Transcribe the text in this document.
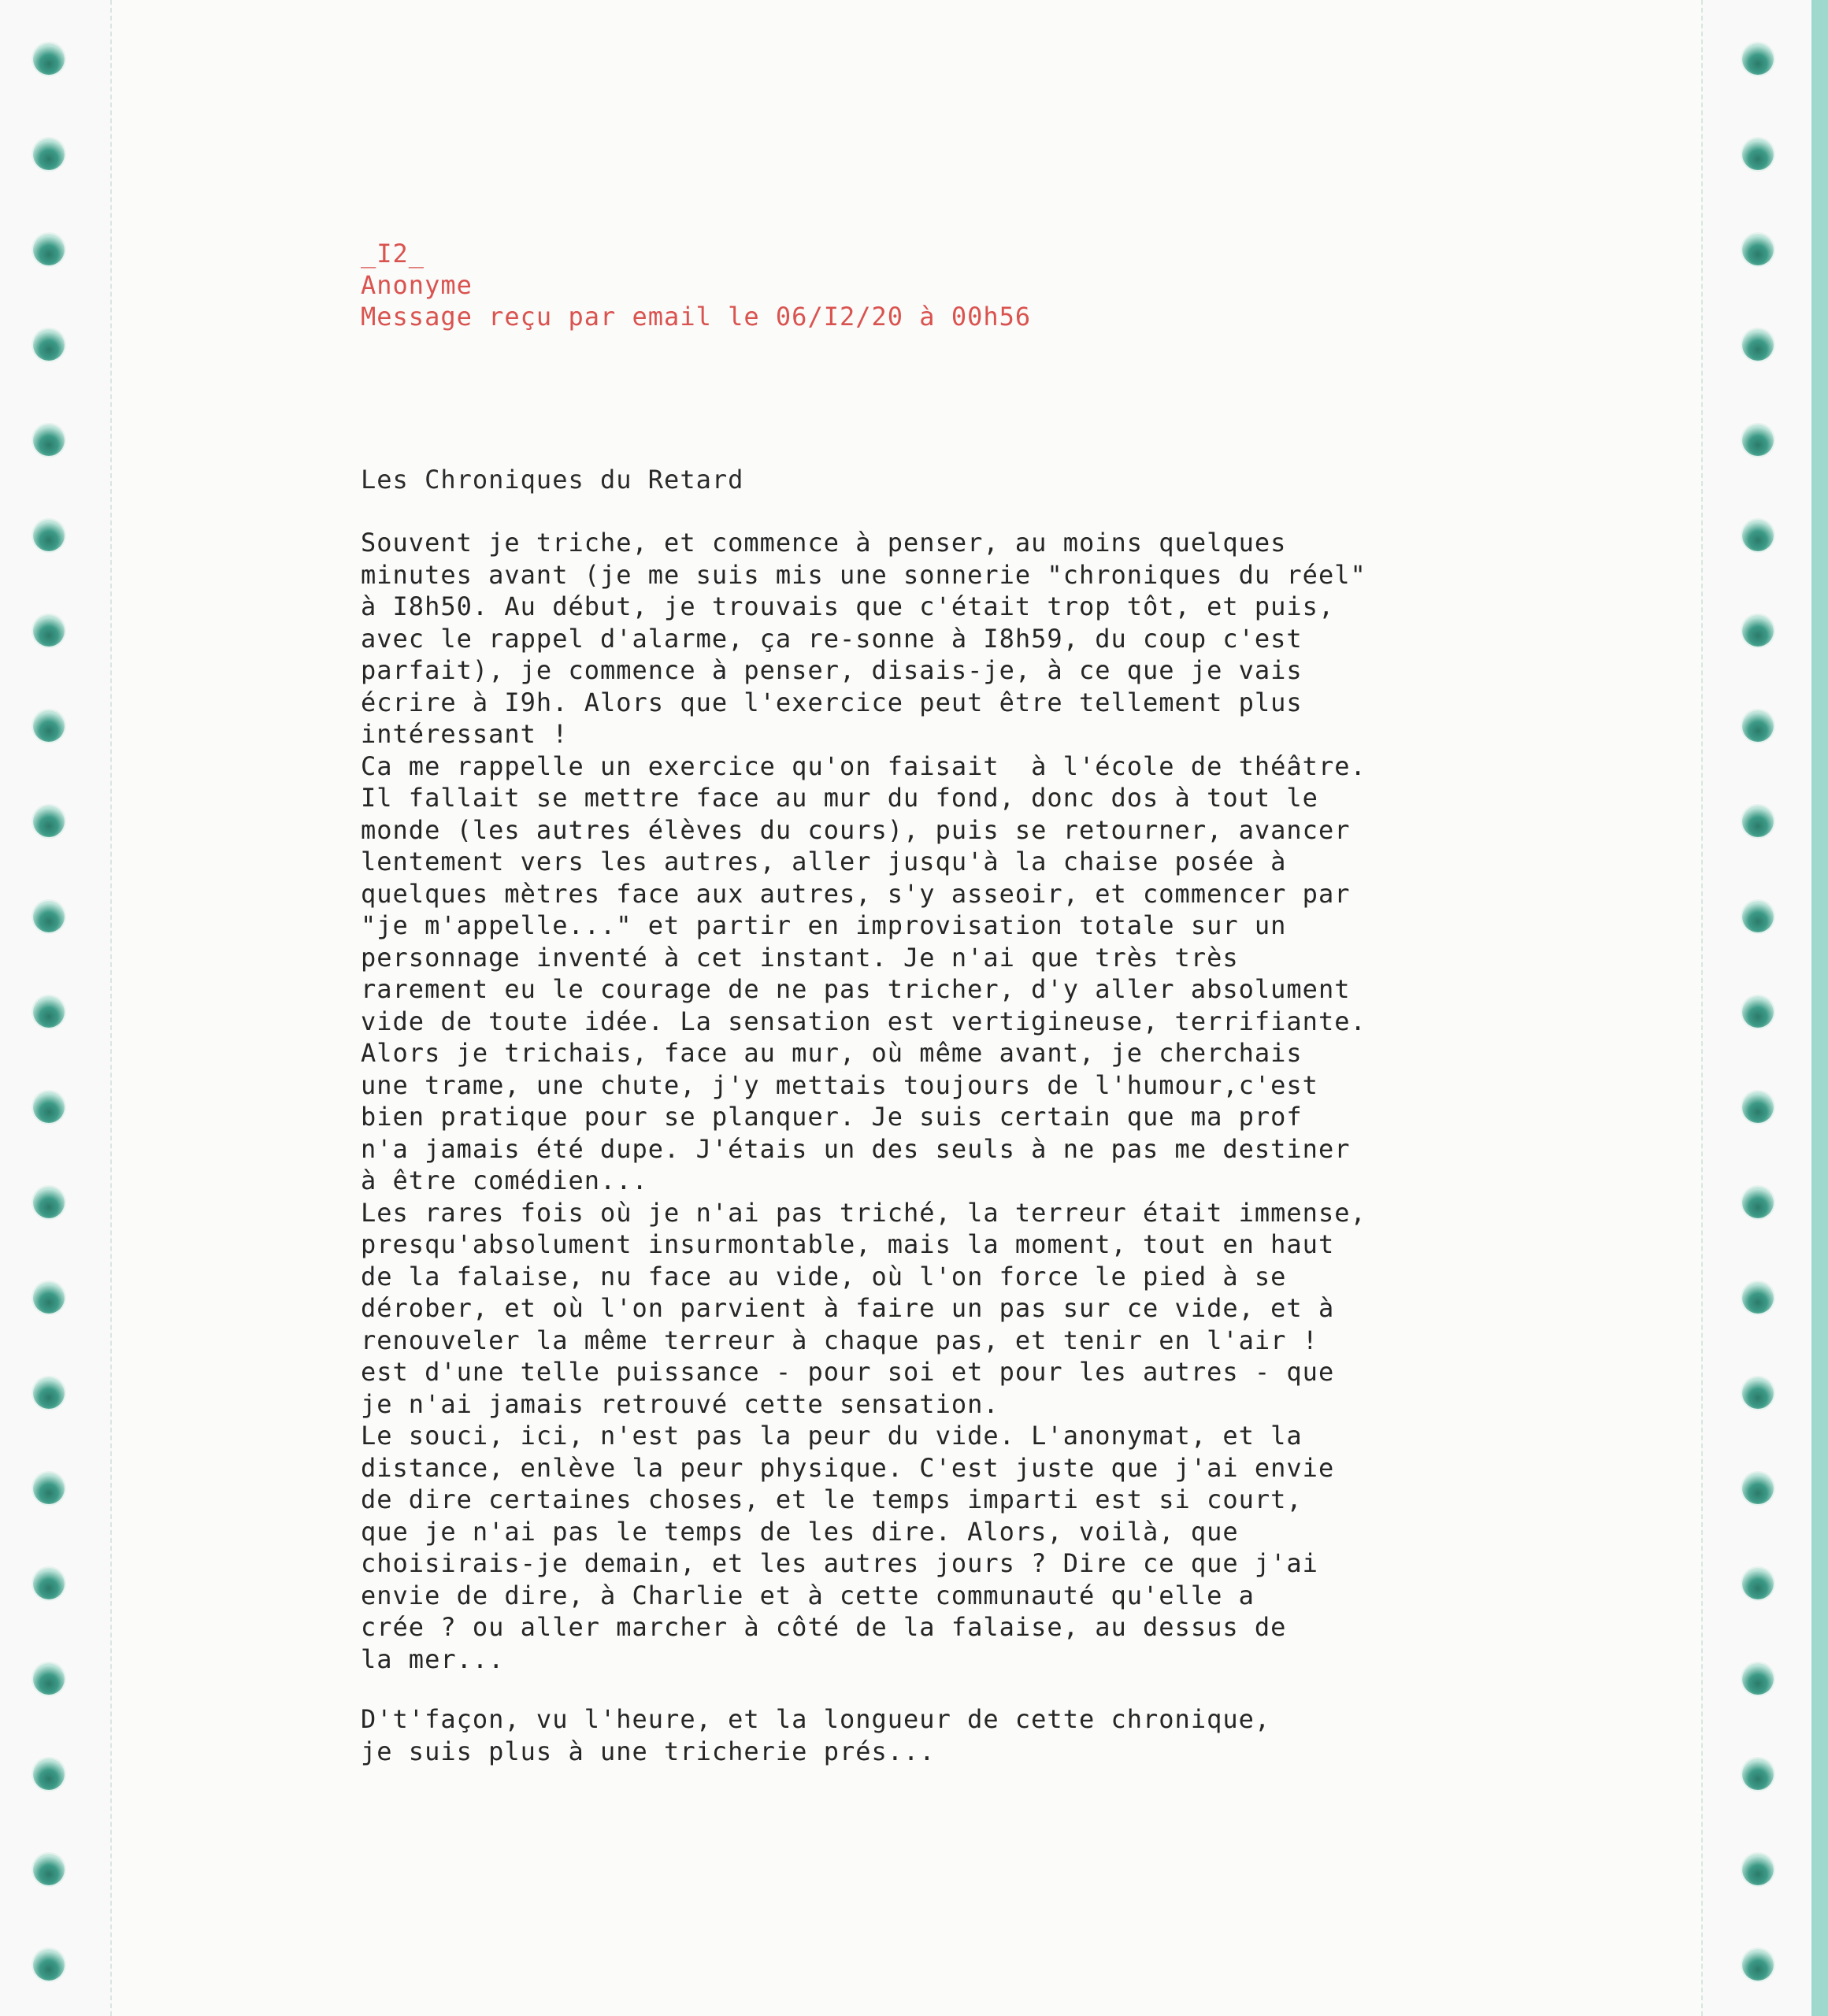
_I2_
Anonyme
Message reçu par email le 06/I2/20 à 00h56
Les Chroniques du Retard
Souvent je triche, et commence à penser, au moins quelques
minutes avant (je me suis mis une sonnerie "chroniques du réel"
à I8h50. Au début, je trouvais que c'était trop tôt, et puis,
avec le rappel d'alarme, ça re-sonne à I8h59, du coup c'est
parfait), je commence à penser, disais-je, à ce que je vais
écrire à I9h. Alors que l'exercice peut être tellement plus
intéressant !
Ca me rappelle un exercice qu'on faisait  à l'école de théâtre.
Il fallait se mettre face au mur du fond, donc dos à tout le
monde (les autres élèves du cours), puis se retourner, avancer
lentement vers les autres, aller jusqu'à la chaise posée à
quelques mètres face aux autres, s'y asseoir, et commencer par
"je m'appelle..." et partir en improvisation totale sur un
personnage inventé à cet instant. Je n'ai que très très
rarement eu le courage de ne pas tricher, d'y aller absolument
vide de toute idée. La sensation est vertigineuse, terrifiante.
Alors je trichais, face au mur, où même avant, je cherchais
une trame, une chute, j'y mettais toujours de l'humour,c'est
bien pratique pour se planquer. Je suis certain que ma prof
n'a jamais été dupe. J'étais un des seuls à ne pas me destiner
à être comédien...
Les rares fois où je n'ai pas triché, la terreur était immense,
presqu'absolument insurmontable, mais la moment, tout en haut
de la falaise, nu face au vide, où l'on force le pied à se
dérober, et où l'on parvient à faire un pas sur ce vide, et à
renouveler la même terreur à chaque pas, et tenir en l'air !
est d'une telle puissance - pour soi et pour les autres - que
je n'ai jamais retrouvé cette sensation.
Le souci, ici, n'est pas la peur du vide. L'anonymat, et la
distance, enlève la peur physique. C'est juste que j'ai envie
de dire certaines choses, et le temps imparti est si court,
que je n'ai pas le temps de les dire. Alors, voilà, que
choisirais-je demain, et les autres jours ? Dire ce que j'ai
envie de dire, à Charlie et à cette communauté qu'elle a
crée ? ou aller marcher à côté de la falaise, au dessus de
la mer...
D't'façon, vu l'heure, et la longueur de cette chronique,
je suis plus à une tricherie prés...
